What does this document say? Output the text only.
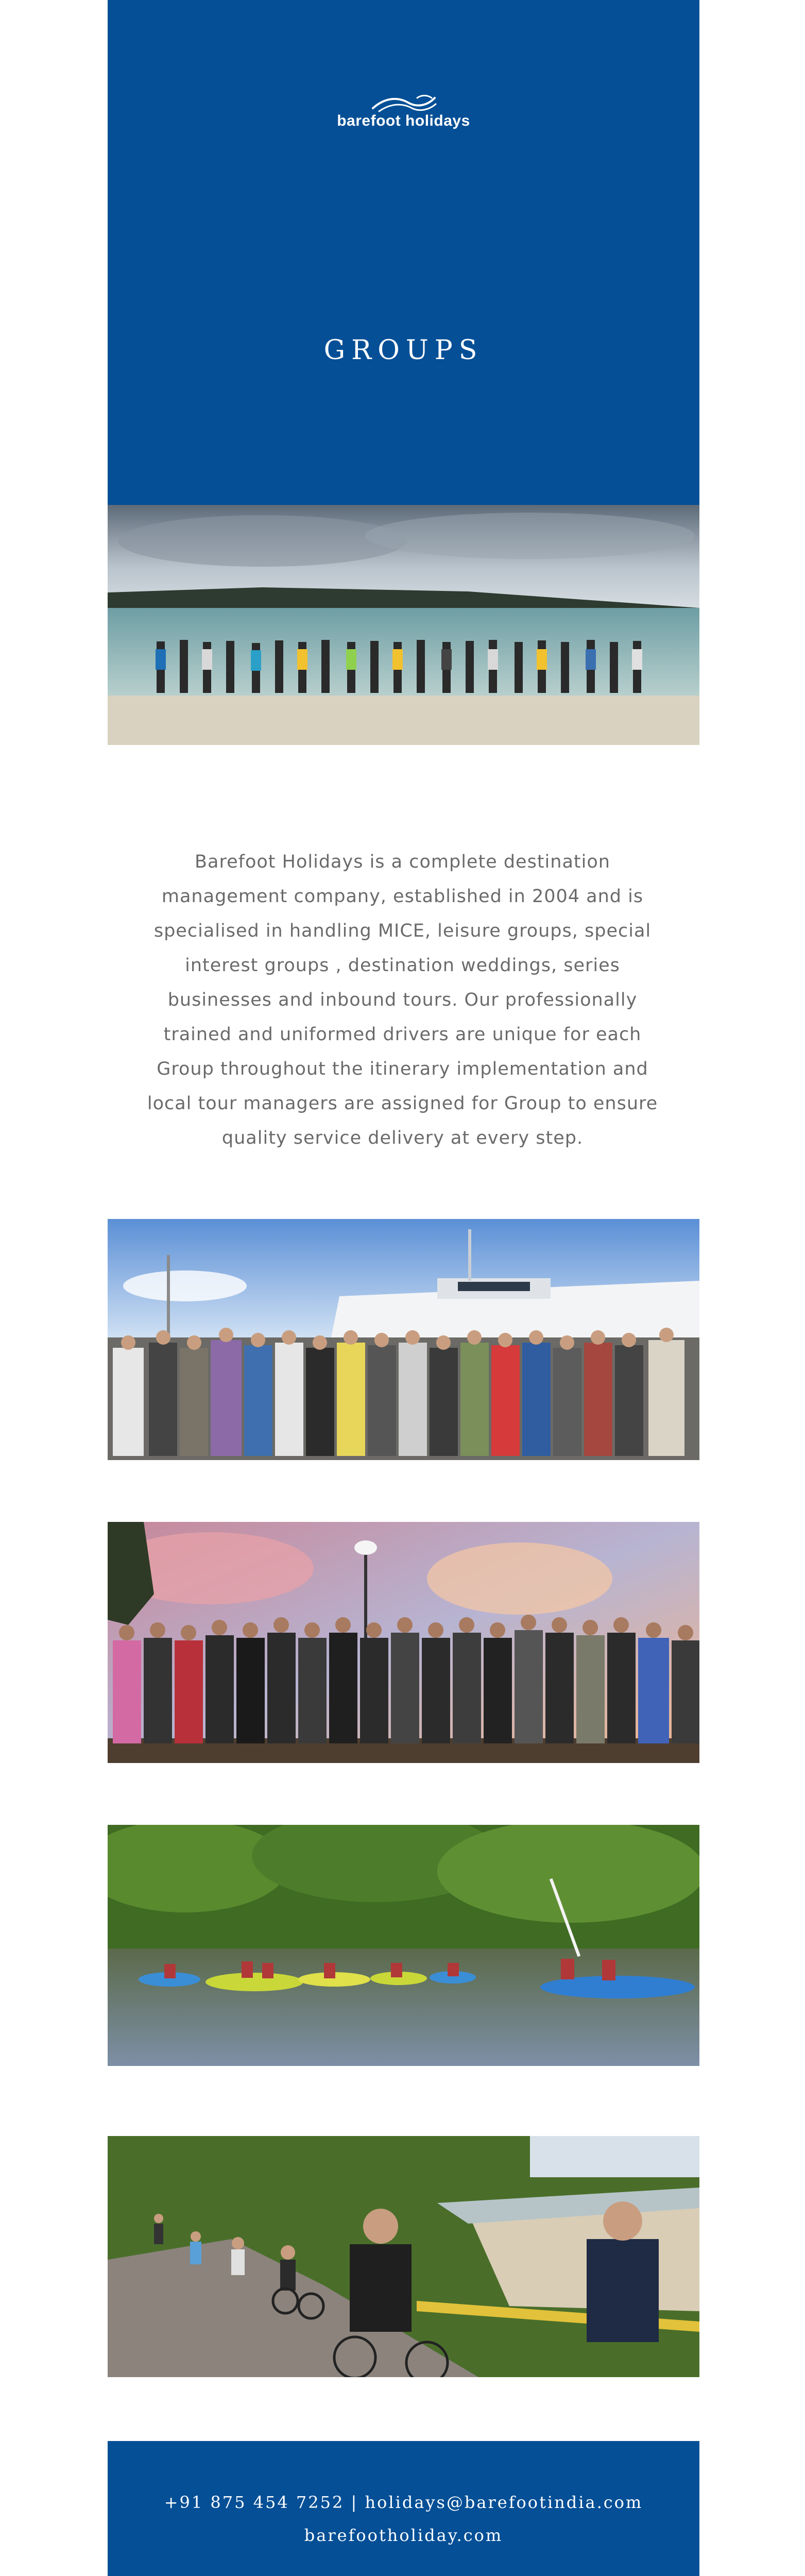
barefoot holidays
GROUPS
Barefoot Holidays is a complete destination management company, established in 2004 and is specialised in handling MICE, leisure groups, special interest groups , destination weddings, series businesses and inbound tours. Our professionally trained and uniformed drivers are unique for each Group throughout the itinerary implementation and local tour managers are assigned for Group to ensure quality service delivery at every step.
+91 875 454 7252 | holidays@barefootindia.com
barefootholiday.com
